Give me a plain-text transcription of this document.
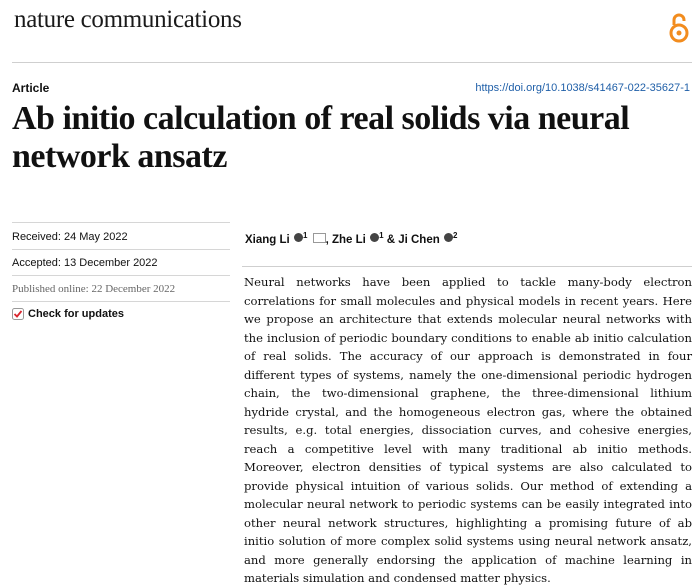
nature communications
Article	https://doi.org/10.1038/s41467-022-35627-1
Ab initio calculation of real solids via neural network ansatz
Received: 24 May 2022
Accepted: 13 December 2022
Published online: 22 December 2022
Check for updates
Xiang Li $^1$ , Zhe Li $^1$ & Ji Chen $^2$
Neural networks have been applied to tackle many-body electron correlations for small molecules and physical models in recent years. Here we propose an architecture that extends molecular neural networks with the inclusion of periodic boundary conditions to enable ab initio calculation of real solids. The accuracy of our approach is demonstrated in four different types of systems, namely the one-dimensional periodic hydrogen chain, the two-dimensional graphene, the three-dimensional lithium hydride crystal, and the homogeneous electron gas, where the obtained results, e.g. total energies, dissociation curves, and cohesive energies, reach a competitive level with many traditional ab initio methods. Moreover, electron densities of typical systems are also calculated to provide physical intuition of various solids. Our method of extending a molecular neural network to periodic systems can be easily integrated into other neural network structures, highlighting a promising future of ab initio solution of more complex solid systems using neural network ansatz, and more generally endorsing the application of machine learning in materials simulation and condensed matter physics.
